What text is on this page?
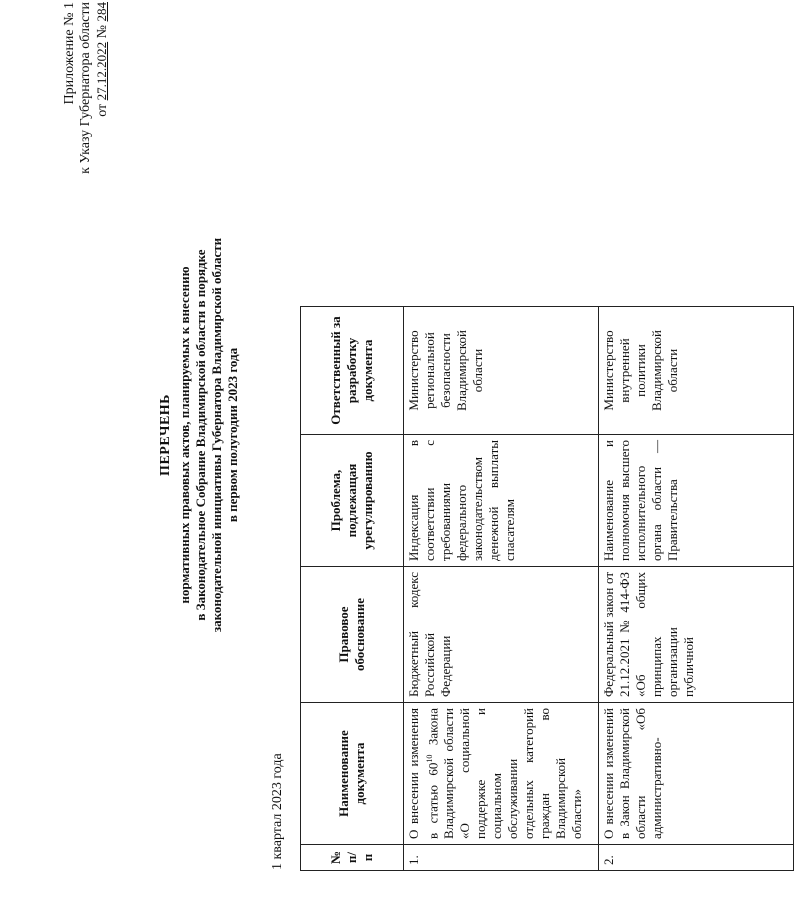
Приложение № 1 к Указу Губернатора области от 27.12.2022 № 284
ПЕРЕЧЕНЬ нормативных правовых актов, планируемых к внесению в Законодательное Собрание Владимирской области в порядке законодательной инициативы Губернатора Владимирской области в первом полугодии 2023 года
1 квартал 2023 года	№ п/п	Наименование документа	Правовое обоснование	Проблема, подлежащая урегулированию	Ответственный за разработку документа
1.	О внесении изменения в статью $60^{10}$ Закона Владимирской области «О социальной поддержке и социальном обслуживании отдельных категорий граждан во Владимирской области»	Бюджетный кодекс Российской Федерации	Индексация в соответствии с требованиями федерального законодательством денежной выплаты спасателям	Министерство региональной безопасности Владимирской области
2.	О внесении изменений в Закон Владимирской области «Об административно-	Федеральный закон от 21.12.2021 № 414-ФЗ «Об общих принципах организации публичной	Наименование и полномочия высшего исполнительного органа области — Правительства	Министерство внутренней политики Владимирской области
